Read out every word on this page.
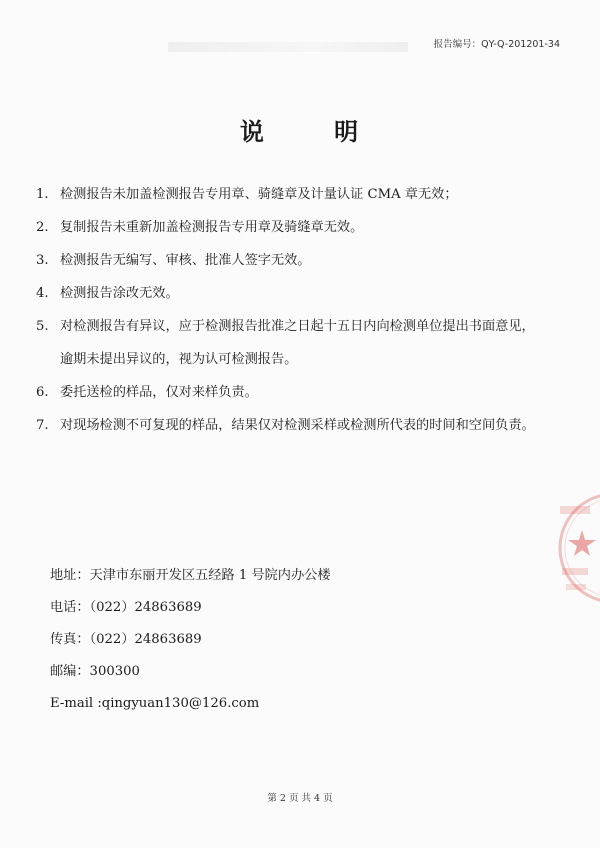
报告编号：QY-Q-201201-34
说 明
1. 检测报告未加盖检测报告专用章、骑缝章及计量认证 CMA 章无效；
2. 复制报告未重新加盖检测报告专用章及骑缝章无效。
3. 检测报告无编写、审核、批准人签字无效。
4. 检测报告涂改无效。
5. 对检测报告有异议，应于检测报告批准之日起十五日内向检测单位提出书面意见，
逾期未提出异议的，视为认可检测报告。
6. 委托送检的样品，仅对来样负责。
7. 对现场检测不可复现的样品，结果仅对检测采样或检测所代表的时间和空间负责。
地址：天津市东丽开发区五经路 1 号院内办公楼
电话：（022）24863689
传真：（022）24863689
邮编：300300
E-mail :qingyuan130@126.com
第 2 页 共 4 页
